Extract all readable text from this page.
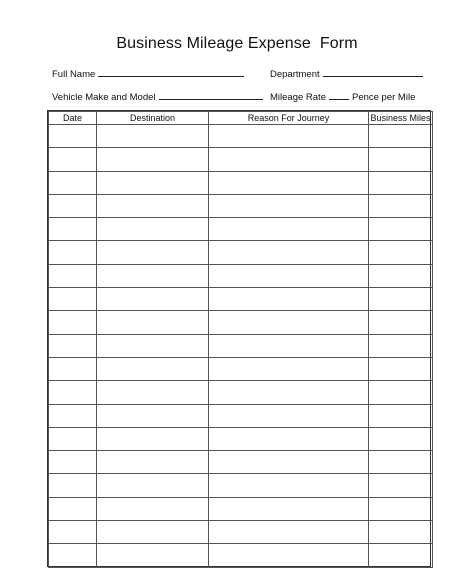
Business Mileage Expense  Form
Full Name	Department
Vehicle Make and Model	Mileage Rate	Pence per Mile
Date	Destination	Reason For Journey	Business Miles
